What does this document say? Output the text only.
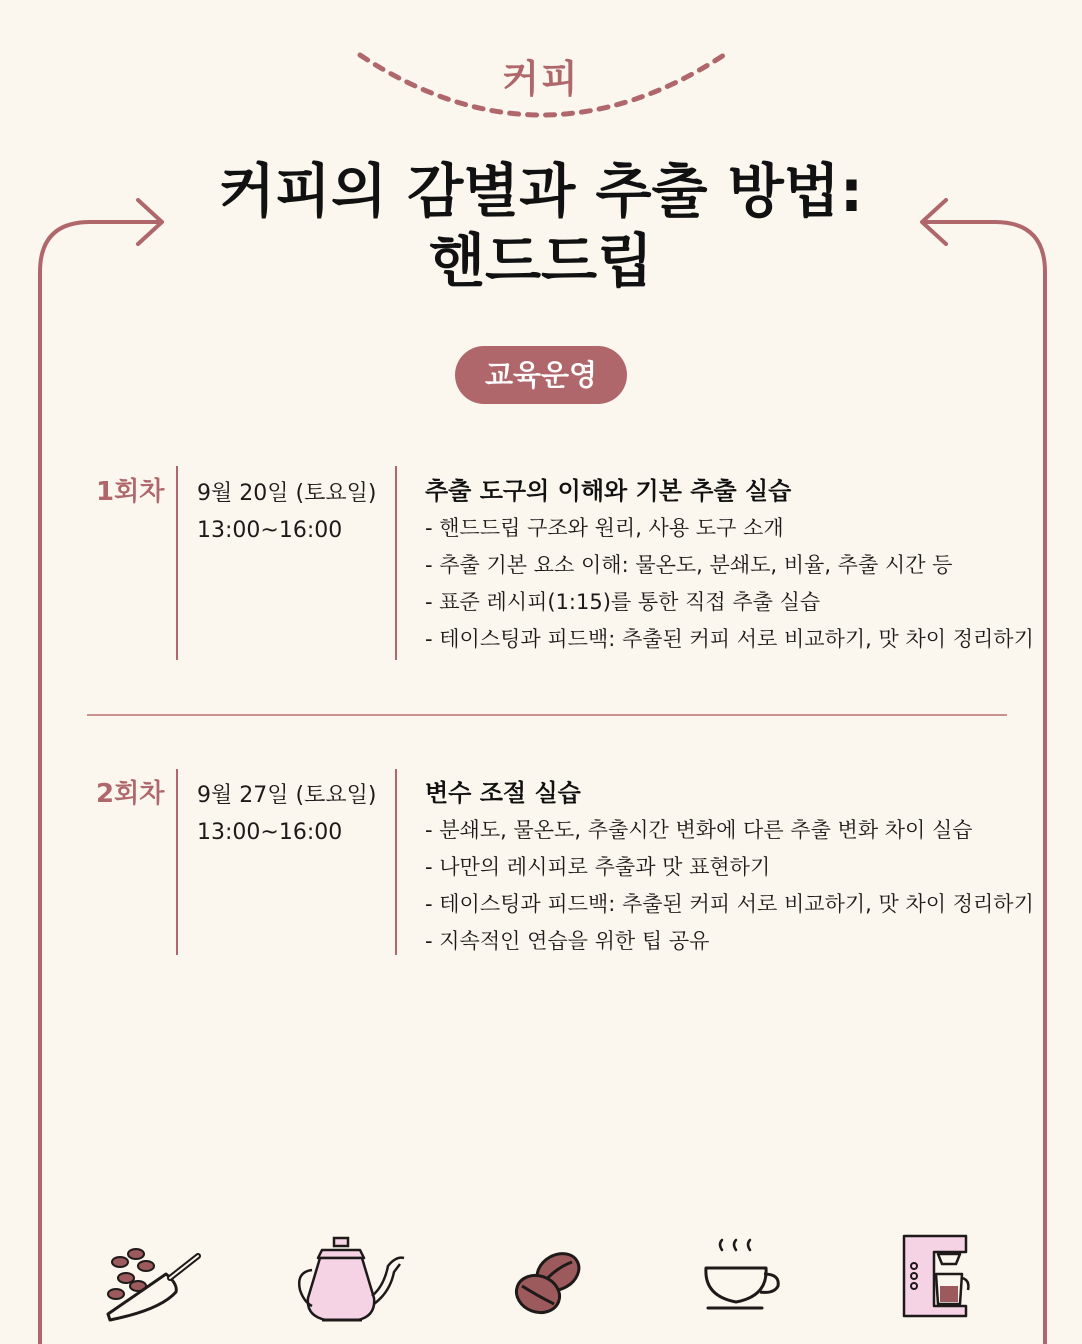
커피
커피의 감별과 추출 방법:
핸드드립
교육운영
1회차 9월 20일 (토요일)
13:00~16:00
추출 도구의 이해와 기본 추출 실습
- 핸드드립 구조와 원리, 사용 도구 소개
- 추출 기본 요소 이해: 물온도, 분쇄도, 비율, 추출 시간 등
- 표준 레시피(1:15)를 통한 직접 추출 실습
- 테이스팅과 피드백: 추출된 커피 서로 비교하기, 맛 차이 정리하기
2회차 9월 27일 (토요일)
13:00~16:00
변수 조절 실습
- 분쇄도, 물온도, 추출시간 변화에 다른 추출 변화 차이 실습
- 나만의 레시피로 추출과 맛 표현하기
- 테이스팅과 피드백: 추출된 커피 서로 비교하기, 맛 차이 정리하기
- 지속적인 연습을 위한 팁 공유
